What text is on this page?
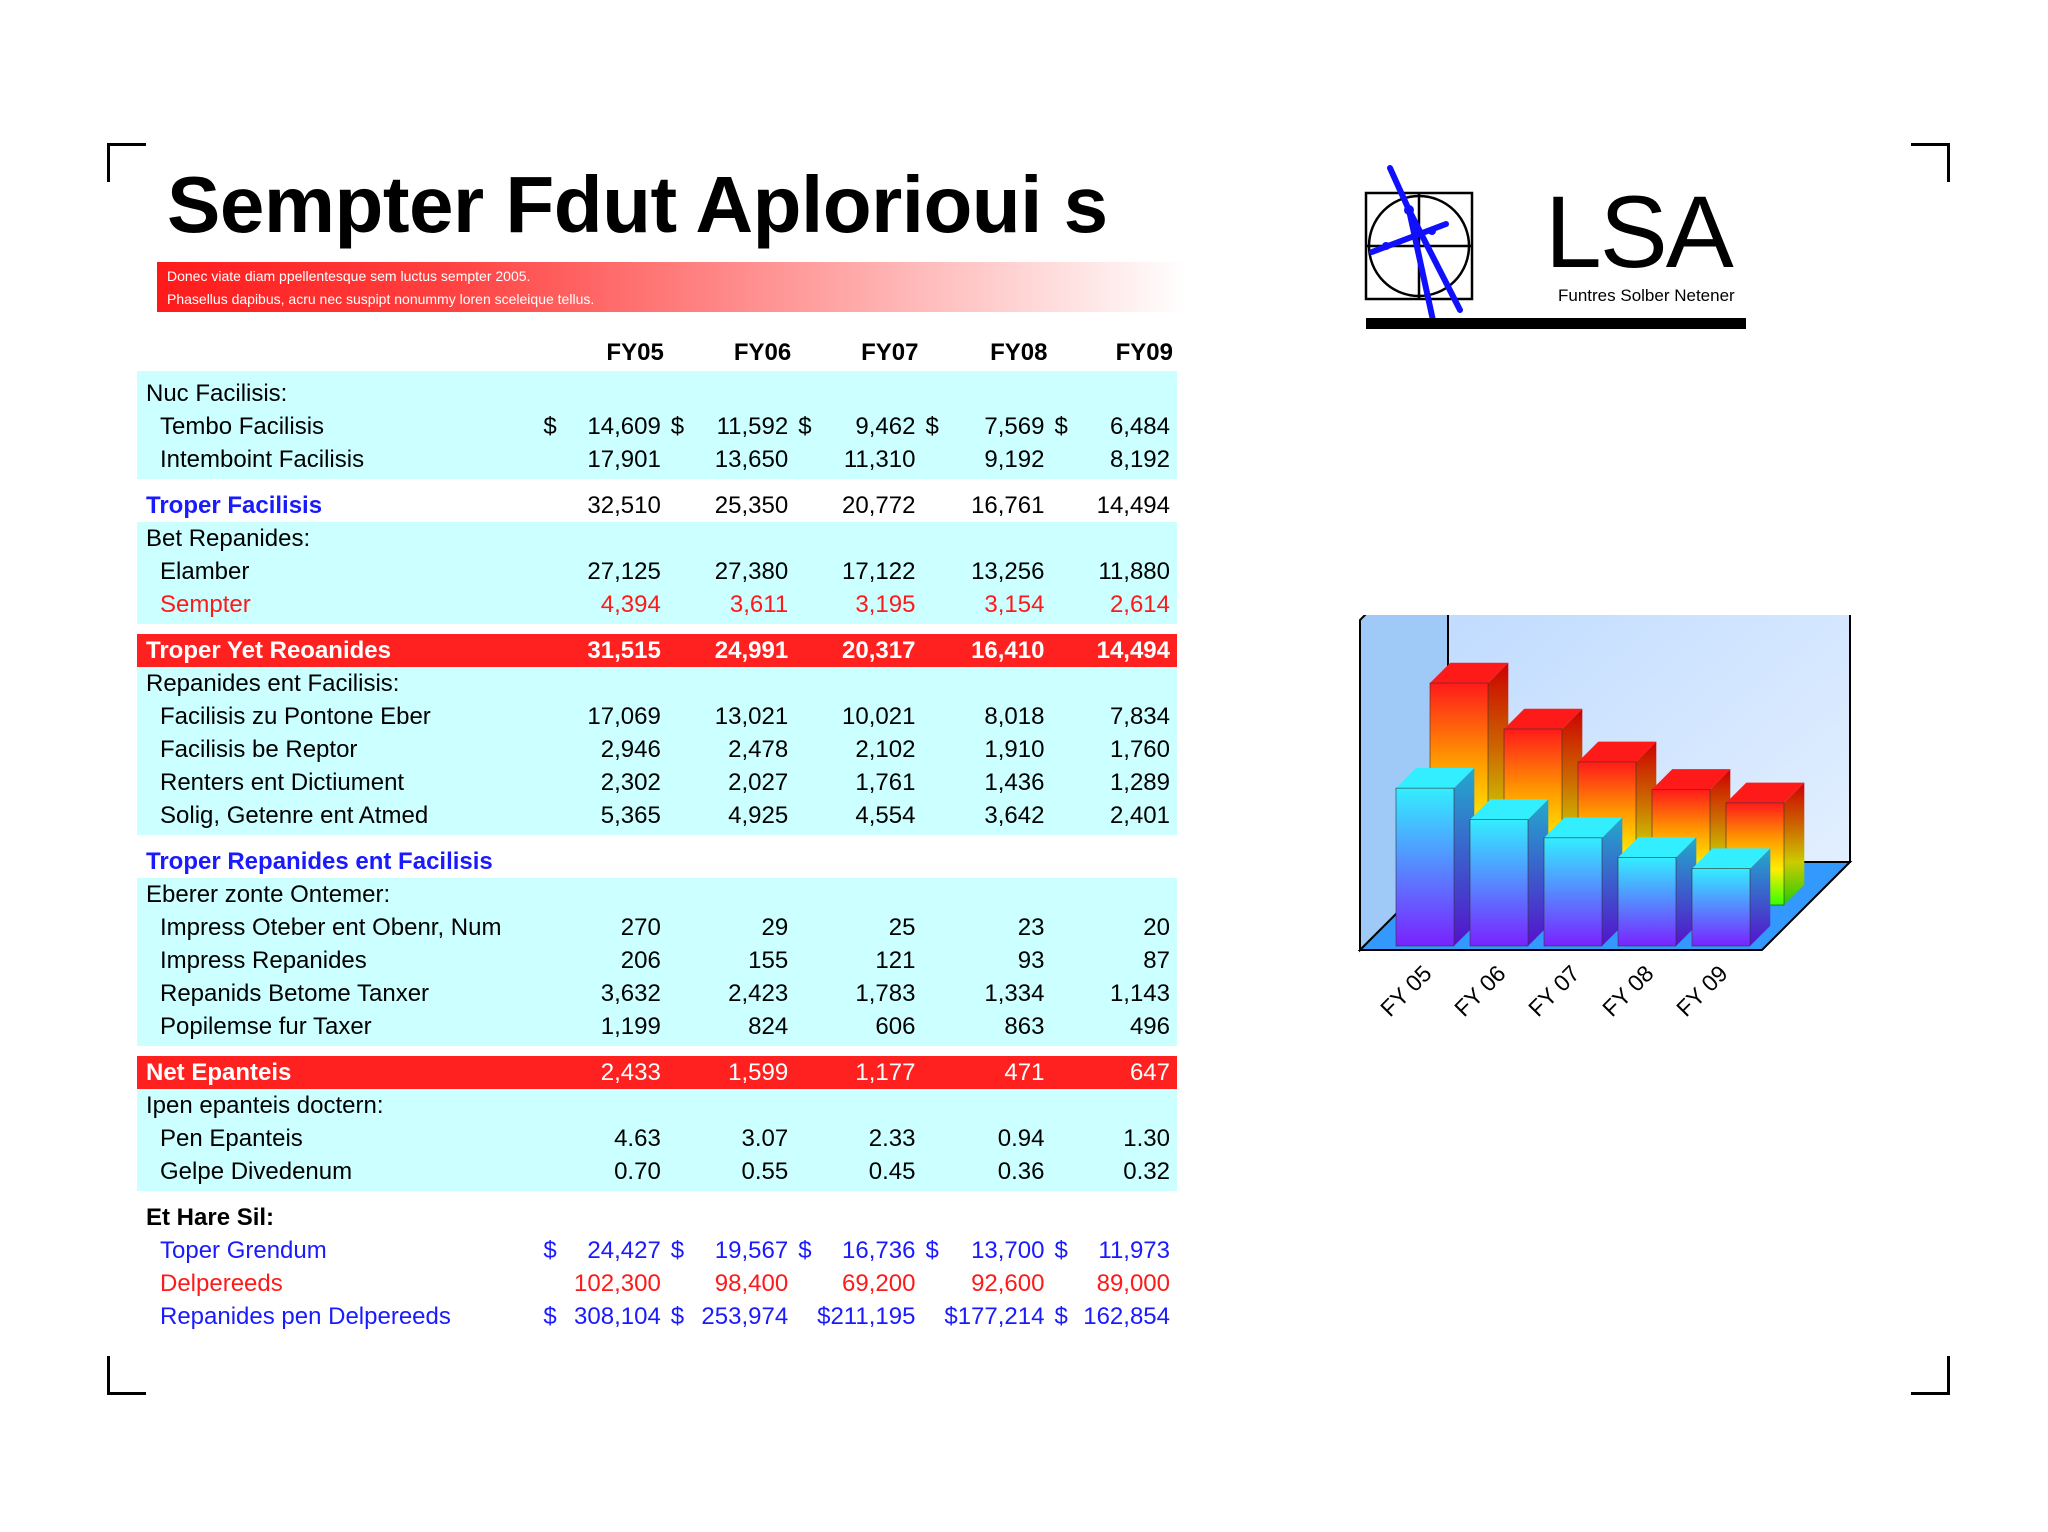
Sempter Fdut Aplorioui s
Donec viate diam ppellentesque sem luctus sempter 2005.
Phasellus dapibus, acru nec suspipt nonummy loren sceleique tellus.
LSA
Funtres Solber Netener
	FY05		FY06		FY07		FY08		FY09	
Nuc Facilisis:										
Tembo Facilisis	$	14,609	$	11,592	$	9,462	$	7,569	$	6,484
Intemboint Facilisis		17,901		13,650		11,310		9,192		8,192

Troper Facilisis		32,510		25,350		20,772		16,761		14,494
Bet Repanides:										
Elamber		27,125		27,380		17,122		13,256		11,880
Sempter		4,394		3,611		3,195		3,154		2,614

Troper Yet Reoanides		31,515		24,991		20,317		16,410		14,494
Repanides ent Facilisis:										
Facilisis zu Pontone Eber		17,069		13,021		10,021		8,018		7,834
Facilisis be Reptor		2,946		2,478		2,102		1,910		1,760
Renters ent Dictiument		2,302		2,027		1,761		1,436		1,289
Solig, Getenre ent Atmed		5,365		4,925		4,554		3,642		2,401

Troper Repanides ent Facilisis										
Eberer zonte Ontemer:										
Impress Oteber ent Obenr, Num		270		29		25		23		20
Impress Repanides		206		155		121		93		87
Repanids Betome Tanxer		3,632		2,423		1,783		1,334		1,143
Popilemse fur Taxer		1,199		824		606		863		496

Net Epanteis		2,433		1,599		1,177		471		647
Ipen epanteis doctern:										
Pen Epanteis		4.63		3.07		2.33		0.94		1.30
Gelpe Divedenum		0.70		0.55		0.45		0.36		0.32

Et Hare Sil:										
Toper Grendum	$	24,427	$	19,567	$	16,736	$	13,700	$	11,973
Delpereeds		102,300		98,400		69,200		92,600		89,000
Repanides pen Delpereeds	$	308,104	$	253,974		$211,195		$177,214	$	162,854
FY 05 FY 06 FY 07 FY 08 FY 09
